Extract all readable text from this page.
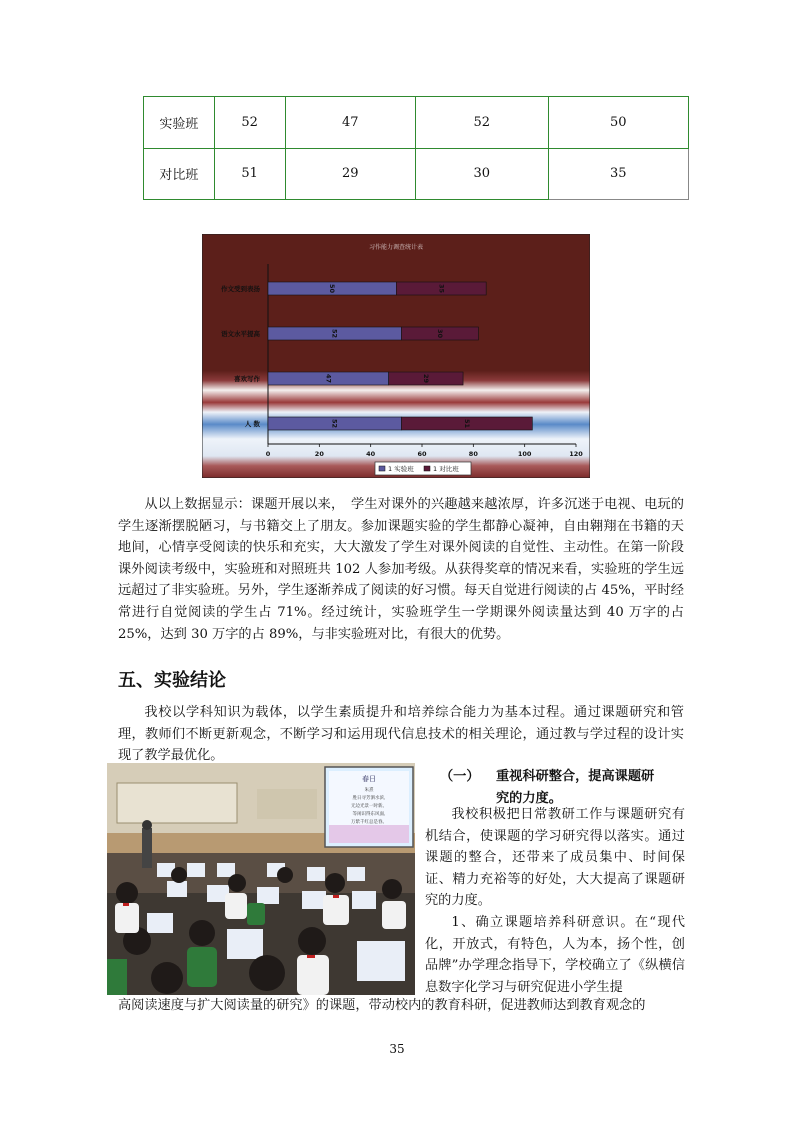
实验班	52	47	52	50
对比班	51	29	30	35
习作能力调查统计表
0	20	40	60	80	100	120
人 数	52	51
喜欢写作	47	29
语文水平提高	52	30
作文受到表扬	50	35
1 实验班	1 对比班

从以上数据显示：课题开展以来，　学生对课外的兴趣越来越浓厚，许多沉迷于电视、电玩的学生逐渐摆脱陋习，与书籍交上了朋友。参加课题实验的学生都静心凝神，自由翱翔在书籍的天地间，心情享受阅读的快乐和充实，大大激发了学生对课外阅读的自觉性、主动性。在第一阶段课外阅读考级中，实验班和对照班共 102 人参加考级。从获得奖章的情况来看，实验班的学生远远超过了非实验班。另外，学生逐渐养成了阅读的好习惯。每天自觉进行阅读的占 45%，平时经常进行自觉阅读的学生占 71%。经过统计，实验班学生一学期课外阅读量达到 40 万字的占 25%，达到 30 万字的占 89%，与非实验班对比，有很大的优势。

五、实验结论

我校以学科知识为载体，以学生素质提升和培养综合能力为基本过程。通过课题研究和管理，教师们不断更新观念，不断学习和运用现代信息技术的相关理论，通过教与学过程的设计实现了教学最优化。

春日
朱熹
胜日寻芳泗水滨,
无边光景一时新。
等闲识得东风面,
万紫千红总是春。
（一） 重视科研整合，提高课题研
究的力度。

我校积极把日常教研工作与课题研究有机结合，使课题的学习研究得以落实。通过课题的整合，还带来了成员集中、时间保证、精力充裕等的好处，大大提高了课题研究的力度。

1、确立课题培养科研意识。在“现代化，开放式，有特色，人为本，扬个性，创品牌”办学理念指导下，学校确立了《纵横信息数字化学习与研究促进小学生提

高阅读速度与扩大阅读量的研究》的课题，带动校内的教育科研，促进教师达到教育观念的

35
